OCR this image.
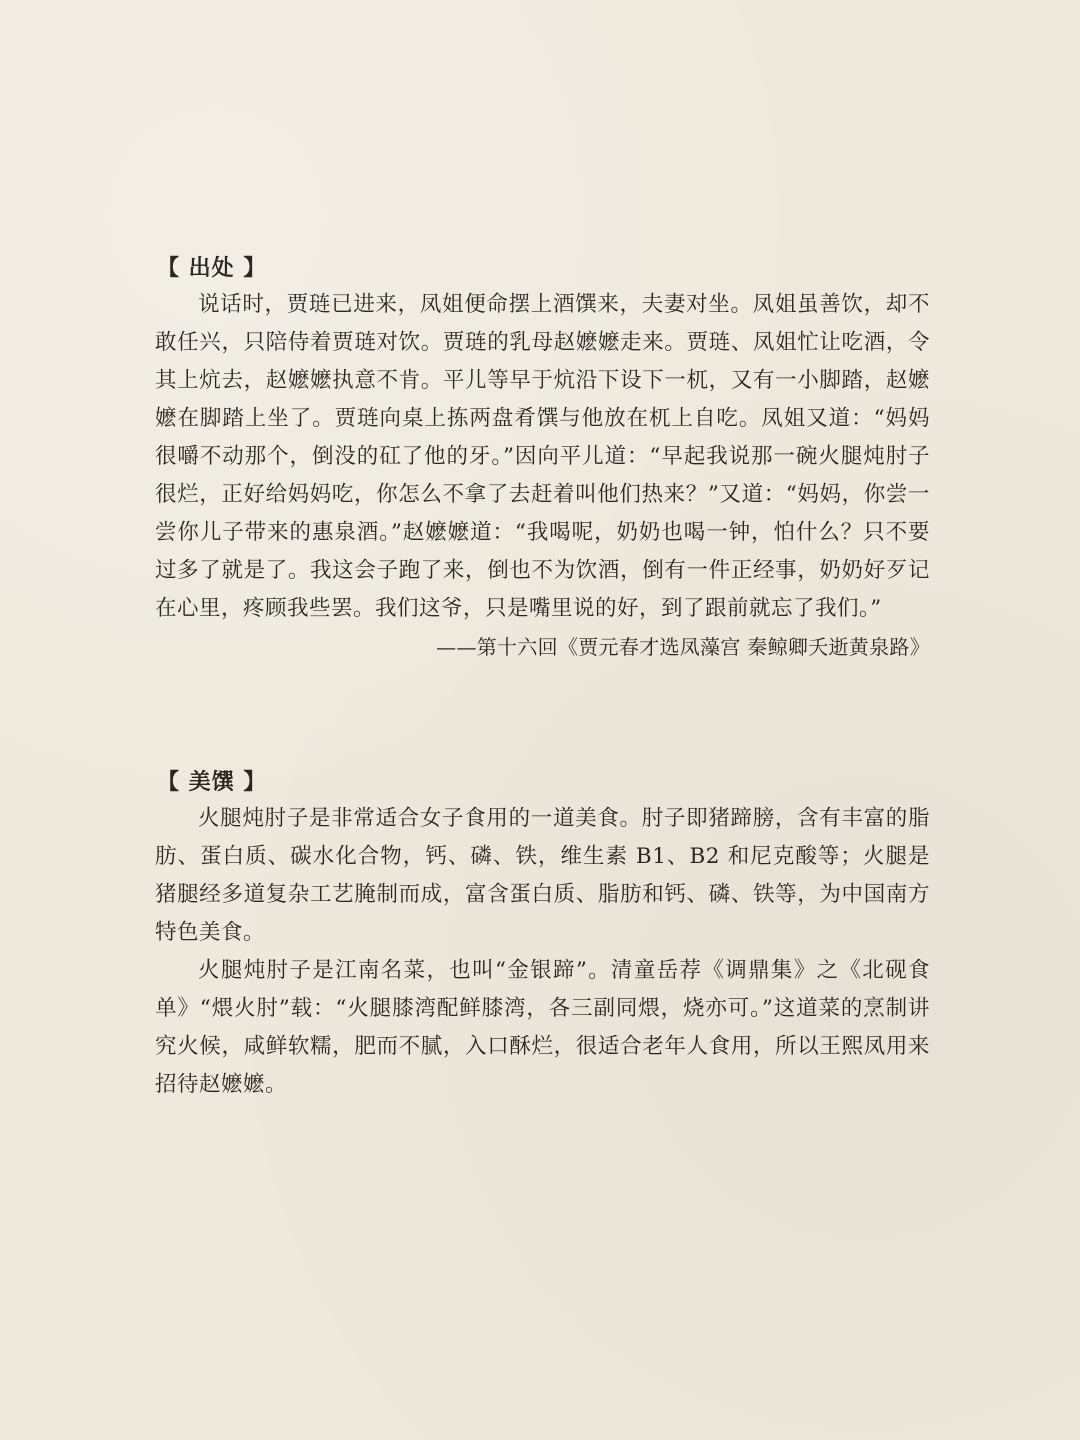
【 出处 】

说话时，贾琏已进来，凤姐便命摆上酒馔来，夫妻对坐。凤姐虽善饮，却不敢任兴，只陪侍着贾琏对饮。贾琏的乳母赵嬷嬷走来。贾琏、凤姐忙让吃酒，令其上炕去，赵嬷嬷执意不肯。平儿等早于炕沿下设下一杌，又有一小脚踏，赵嬷嬷在脚踏上坐了。贾琏向桌上拣两盘肴馔与他放在杌上自吃。凤姐又道：“妈妈很嚼不动那个，倒没的矼了他的牙。”因向平儿道：“早起我说那一碗火腿炖肘子很烂，正好给妈妈吃，你怎么不拿了去赶着叫他们热来？”又道：“妈妈，你尝一尝你儿子带来的惠泉酒。”赵嬷嬷道：“我喝呢，奶奶也喝一钟，怕什么？只不要过多了就是了。我这会子跑了来，倒也不为饮酒，倒有一件正经事，奶奶好歹记在心里，疼顾我些罢。我们这爷，只是嘴里说的好，到了跟前就忘了我们。”

——第十六回《贾元春才选凤藻宫 秦鲸卿夭逝黄泉路》

【 美馔 】

火腿炖肘子是非常适合女子食用的一道美食。肘子即猪蹄膀，含有丰富的脂肪、蛋白质、碳水化合物，钙、磷、铁，维生素 B1、B2 和尼克酸等；火腿是猪腿经多道复杂工艺腌制而成，富含蛋白质、脂肪和钙、磷、铁等，为中国南方特色美食。

火腿炖肘子是江南名菜，也叫“金银蹄”。清童岳荐《调鼎集》之《北砚食单》“煨火肘”载：“火腿膝湾配鲜膝湾，各三副同煨，烧亦可。”这道菜的烹制讲究火候，咸鲜软糯，肥而不腻，入口酥烂，很适合老年人食用，所以王熙凤用来招待赵嬷嬷。
